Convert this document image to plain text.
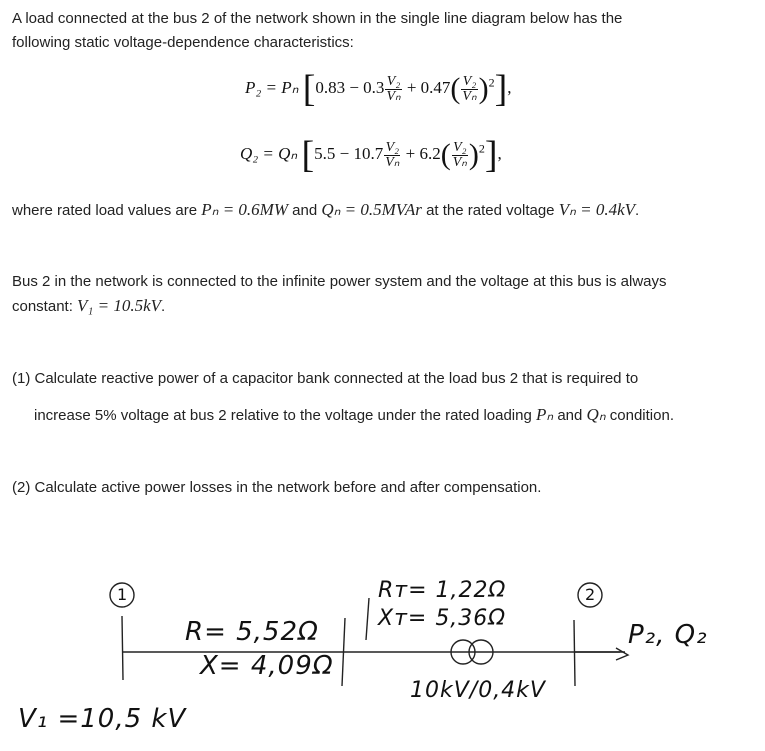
A load connected at the bus 2 of the network shown in the single line diagram below has the
following static voltage-dependence characteristics:
P₂ = Pₙ $[0.83 - 0.3 \frac{\text{V₂}}{\text{Vₙ}} + 0.47( \frac{\text{V₂}}{\text{Vₙ}} )^2]$,
Q₂ = Qₙ $[5.5 - 10.7 \frac{\text{V₂}}{\text{Vₙ}} + 6.2( \frac{\text{V₂}}{\text{Vₙ}} )^2]$,
where rated load values are Pₙ = 0.6MW and Qₙ = 0.5MVAr at the rated voltage Vₙ = 0.4kV.
Bus 2 in the network is connected to the infinite power system and the voltage at this bus is always
constant: V₁ = 10.5kV.
(1) Calculate reactive power of a capacitor bank connected at the load bus 2 that is required to
increase 5% voltage at bus 2 relative to the voltage under the rated loading Pₙ and Qₙ condition.
(2) Calculate active power losses in the network before and after compensation.
1	2
R= 5,52Ω
X= 4,09Ω
Rᴛ= 1,22Ω
Xᴛ= 5,36Ω
10kV/0,4kV
V₁ =10,5 kV
P₂, Q₂
